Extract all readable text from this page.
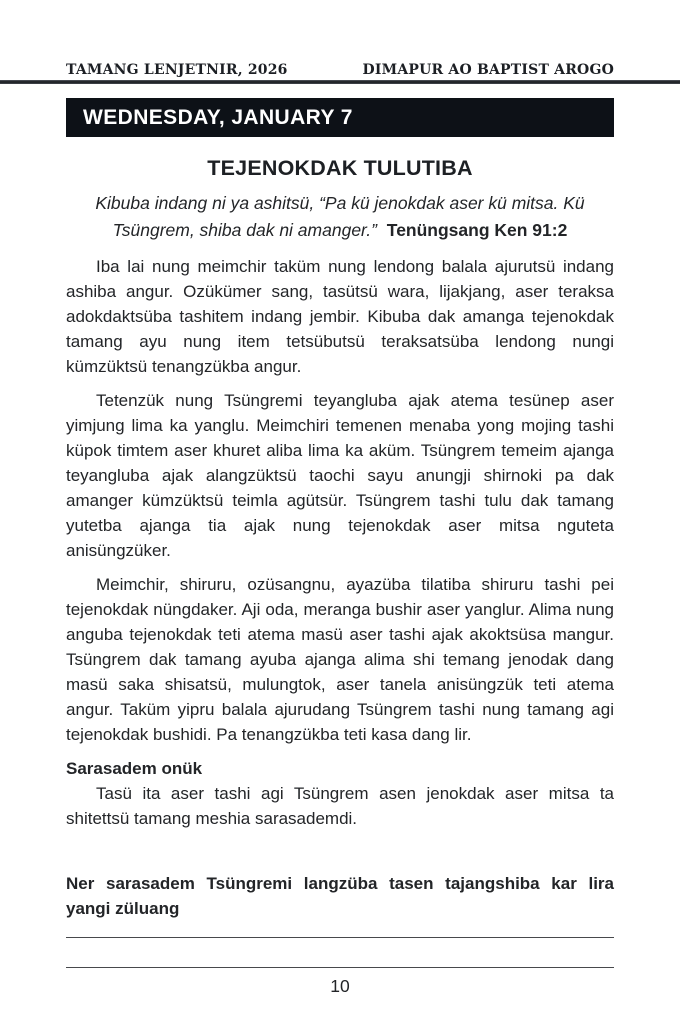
TAMANG LENJETNIR, 2026	DIMAPUR AO BAPTIST AROGO
WEDNESDAY, JANUARY 7
TEJENOKDAK TULUTIBA

Kibuba indang ni ya ashitsü, “Pa kü jenokdak aser kü mitsa. Kü Tsüngrem, shiba dak ni amanger.” Tenüngsang Ken 91:2

Iba lai nung meimchir taküm nung lendong balala ajurutsü indang ashiba angur. Ozükümer sang, tasütsü wara, lijakjang, aser teraksa adokdaktsüba tashitem indang jembir. Kibuba dak amanga tejenokdak tamang ayu nung item tetsübutsü teraksatsüba lendong nungi kümzüktsü tenangzükba angur.

Tetenzük nung Tsüngremi teyangluba ajak atema tesünep aser yimjung lima ka yanglu. Meimchiri temenen menaba yong mojing tashi küpok timtem aser khuret aliba lima ka aküm. Tsüngrem temeim ajanga teyangluba ajak alangzüktsü taochi sayu anungji shirnoki pa dak amanger kümzüktsü teimla agütsür. Tsüngrem tashi tulu dak tamang yutetba ajanga tia ajak nung tejenokdak aser mitsa nguteta anisüngzüker.

Meimchir, shiruru, ozüsangnu, ayazüba tilatiba shiruru tashi pei tejenokdak nüngdaker. Aji oda, meranga bushir aser yanglur. Alima nung anguba tejenokdak teti atema masü aser tashi ajak akoktsüsa mangur. Tsüngrem dak tamang ayuba ajanga alima shi temang jenodak dang masü saka shisatsü, mulungtok, aser tanela anisüngzük teti atema angur. Taküm yipru balala ajurudang Tsüngrem tashi nung tamang agi tejenokdak bushidi. Pa tenangzükba teti kasa dang lir.

Sarasadem onük

Tasü ita aser tashi agi Tsüngrem asen jenokdak aser mitsa ta shitettsü tamang meshia sarasademdi.

Ner sarasadem Tsüngremi langzüba tasen tajangshiba kar lira yangi züluang

10
